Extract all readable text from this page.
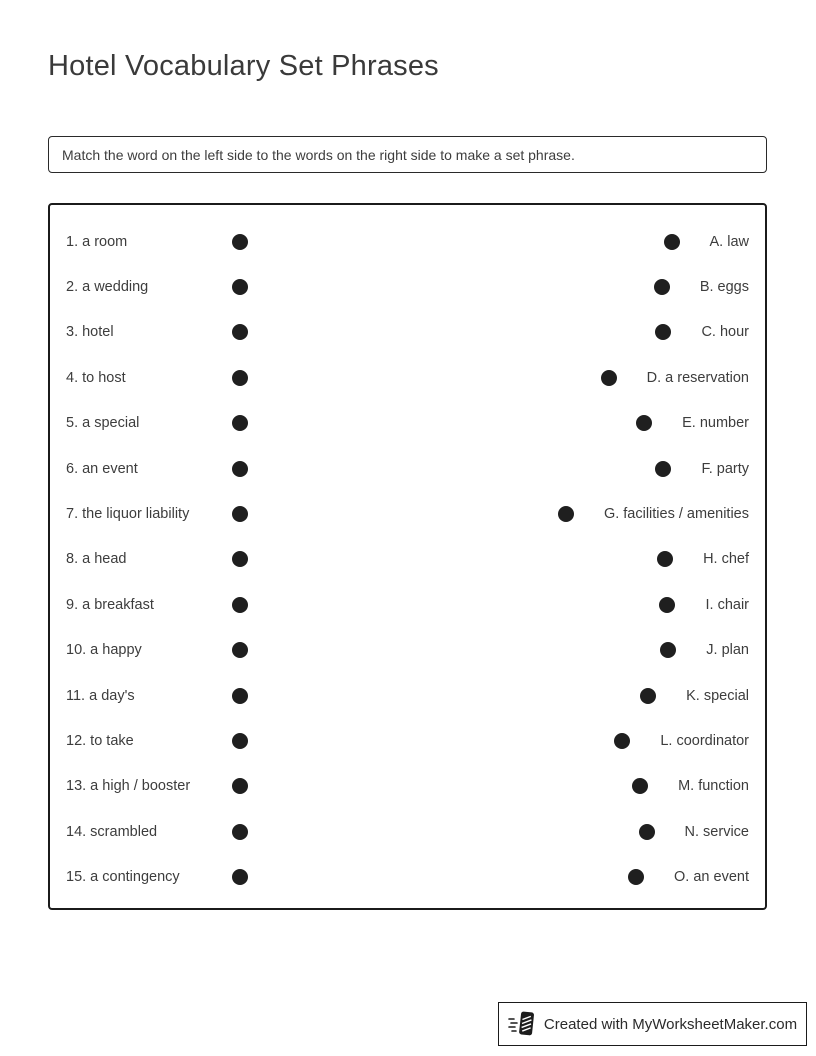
Hotel Vocabulary Set Phrases
Match the word on the left side to the words on the right side to make a set phrase.
1. a room	A. law
2. a wedding	B. eggs
3. hotel	C. hour
4. to host	D. a reservation
5. a special	E. number
6. an event	F. party
7. the liquor liability	G. facilities / amenities
8. a head	H. chef
9. a breakfast	I. chair
10. a happy	J. plan
11. a day's	K. special
12. to take	L. coordinator
13. a high / booster	M. function
14. scrambled	N. service
15. a contingency	O. an event
Created with MyWorksheetMaker.com
